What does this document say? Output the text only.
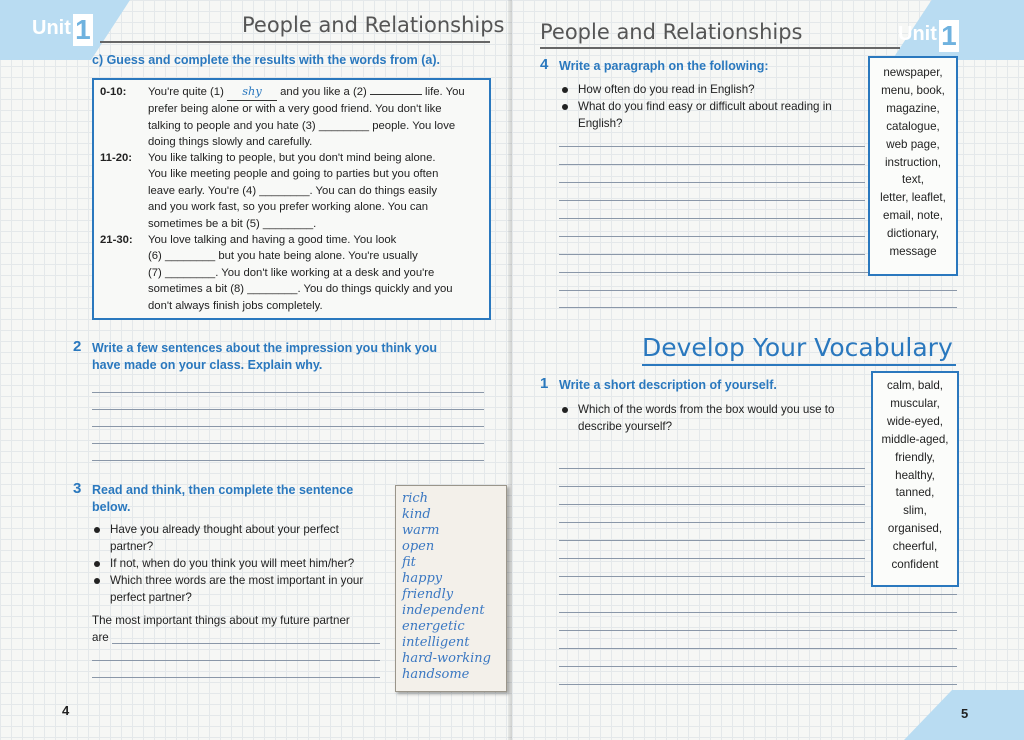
Unit 1	People and Relationships
c) Guess and complete the results with the words from (a).
0-10: You're quite (1) shy and you like a (2)	life. You
prefer being alone or with a very good friend. You don't like
talking to people and you hate (3) ________ people. You love
doing things slowly and carefully.
11-20: You like talking to people, but you don't mind being alone.
You like meeting people and going to parties but you often
leave early. You're (4) ________. You can do things easily
and you work fast, so you prefer working alone. You can
sometimes be a bit (5) ________.
21-30: You love talking and having a good time. You look
(6) ________ but you hate being alone. You're usually
(7) ________. You don't like working at a desk and you're
sometimes a bit (8) ________. You do things quickly and you
don't always finish jobs completely.
2 Write a few sentences about the impression you think you
have made on your class. Explain why.
3 Read and think, then complete the sentence
below.
Have you already thought about your perfect
partner?
If not, when do you think you will meet him/her?
Which three words are the most important in your
perfect partner?
The most important things about my future partner
are
rich
kind
warm
open
fit
happy
friendly
independent
energetic
intelligent
hard-working
handsome
4
People and Relationships	Unit 1
4 Write a paragraph on the following:
How often do you read in English?
What do you find easy or difficult about reading in
English?
newspaper,
menu, book,
magazine,
catalogue,
web page,
instruction,
text,
letter, leaflet,
email, note,
dictionary,
message
Develop Your Vocabulary
1 Write a short description of yourself.
Which of the words from the box would you use to
describe yourself?
calm, bald,
muscular,
wide-eyed,
middle-aged,
friendly,
healthy,
tanned,
slim,
organised,
cheerful,
confident
5
